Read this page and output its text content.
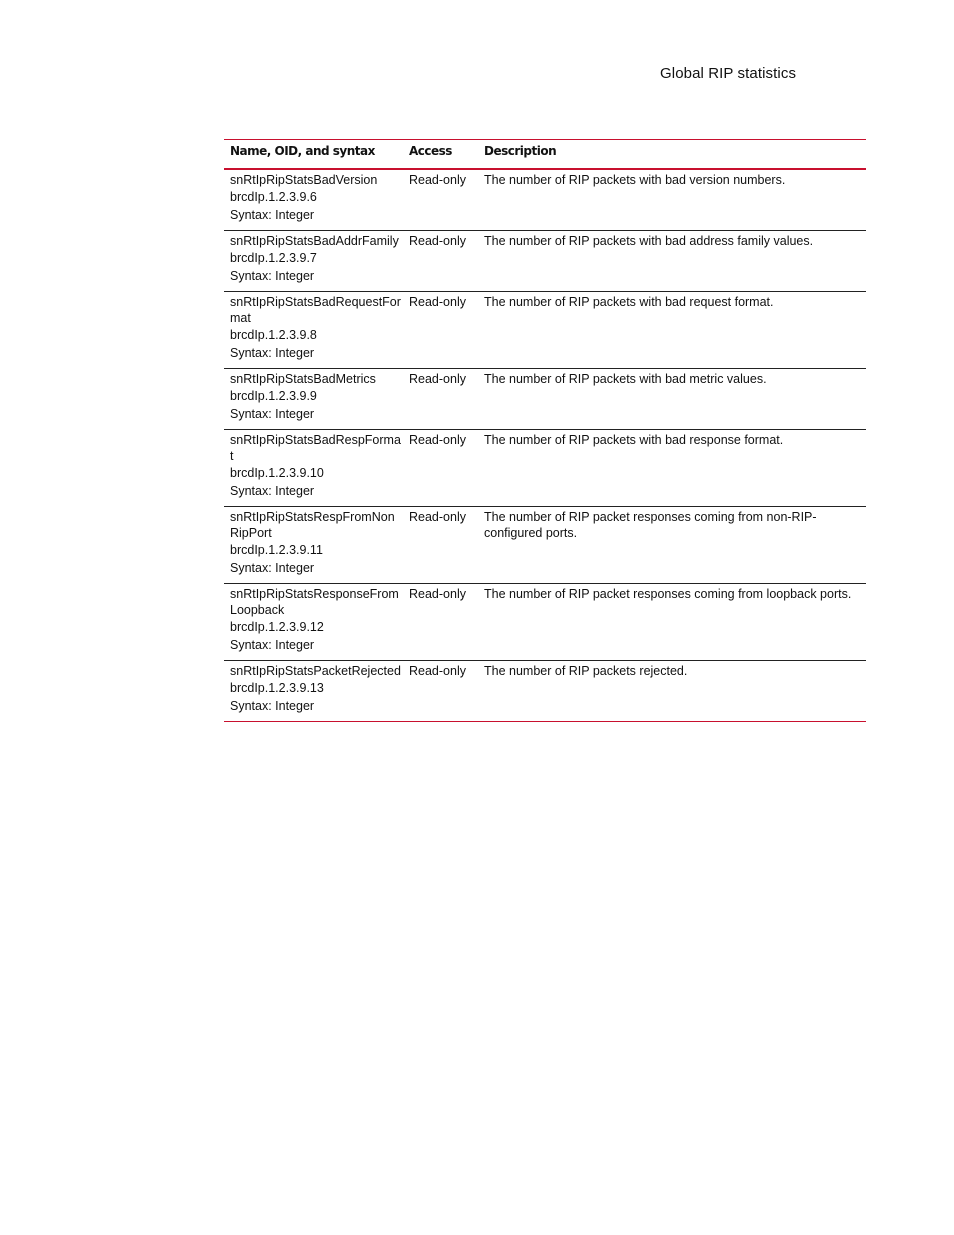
Global RIP statistics
Name, OID, and syntax	Access	Description

snRtIpRipStatsBadVersion
brcdIp.1.2.3.9.6
Syntax: Integer	Read-only	The number of RIP packets with bad version numbers.

snRtIpRipStatsBadAddrFamily
brcdIp.1.2.3.9.7
Syntax: Integer	Read-only	The number of RIP packets with bad address family values.

snRtIpRipStatsBadRequestFormat
brcdIp.1.2.3.9.8
Syntax: Integer	Read-only	The number of RIP packets with bad request format.

snRtIpRipStatsBadMetrics
brcdIp.1.2.3.9.9
Syntax: Integer	Read-only	The number of RIP packets with bad metric values.

snRtIpRipStatsBadRespFormat
brcdIp.1.2.3.9.10
Syntax: Integer	Read-only	The number of RIP packets with bad response format.

snRtIpRipStatsRespFromNonRipPort
brcdIp.1.2.3.9.11
Syntax: Integer	Read-only	The number of RIP packet responses coming from non-RIP-configured ports.

snRtIpRipStatsResponseFromLoopback
brcdIp.1.2.3.9.12
Syntax: Integer	Read-only	The number of RIP packet responses coming from loopback ports.

snRtIpRipStatsPacketRejected
brcdIp.1.2.3.9.13
Syntax: Integer	Read-only	The number of RIP packets rejected.
